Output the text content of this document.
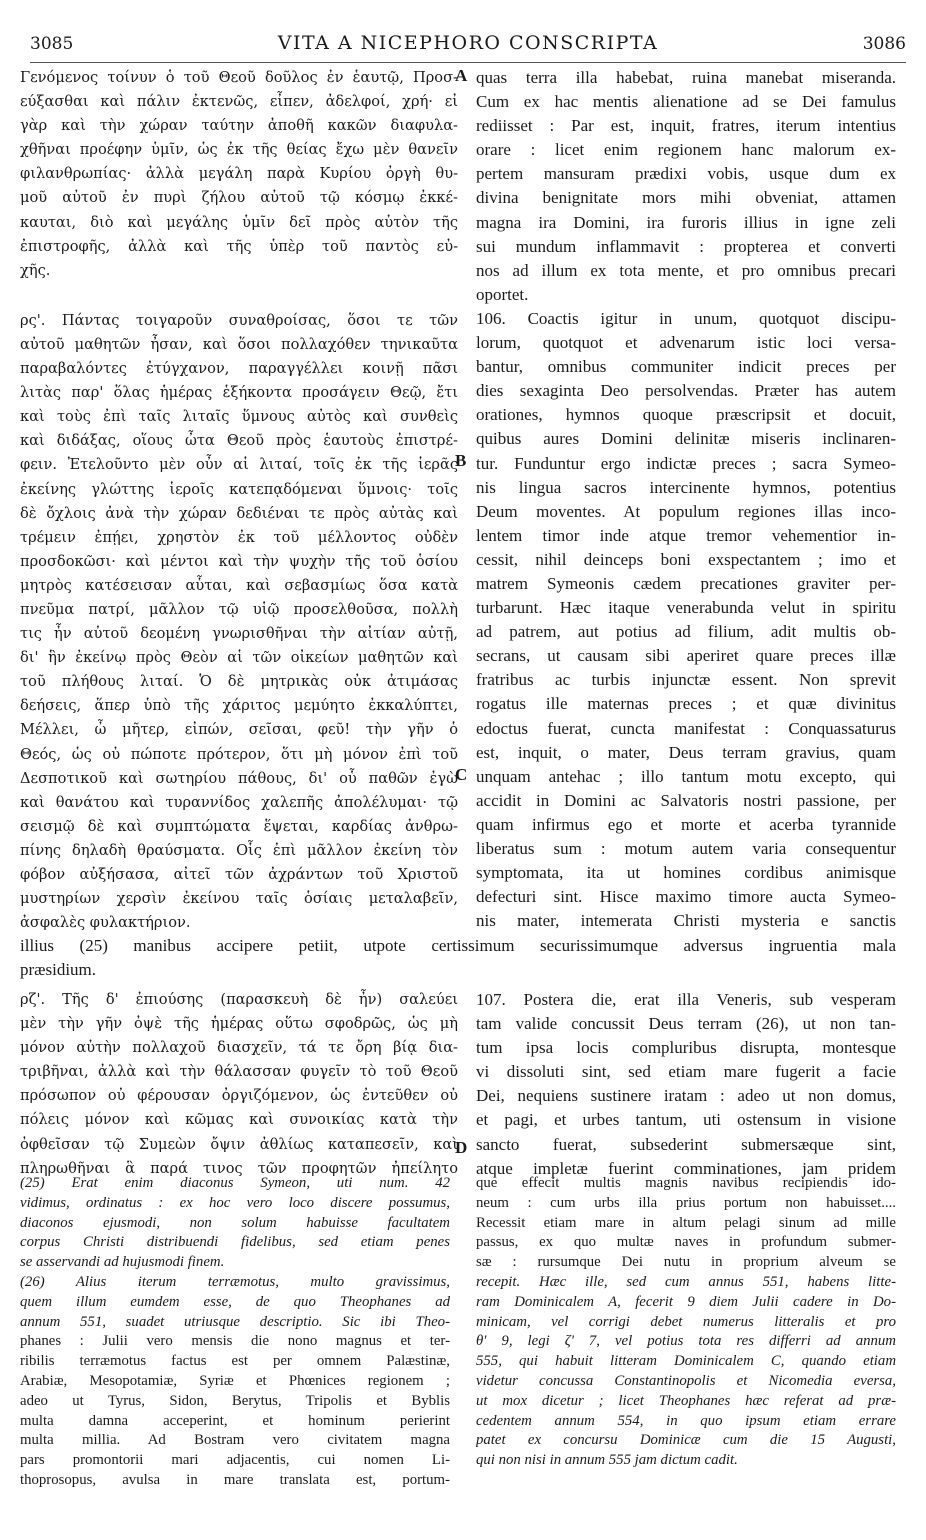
3085	VITA A NICEPHORO CONSCRIPTA	3086
Γενόμενος τοίνυν ὁ τοῦ Θεοῦ δοῦλος ἐν ἑαυτῷ, Προσ-
εύξασθαι καὶ πάλιν ἐκτενῶς, εἶπεν, ἀδελφοί, χρή· εἰ
γὰρ καὶ τὴν χώραν ταύτην ἀποθῆ κακῶν διαφυλα-
χθῆναι προέφην ὑμῖν, ὡς ἐκ τῆς θείας ἔχω μὲν θανεῖν
φιλανθρωπίας· ἀλλὰ μεγάλη παρὰ Κυρίου ὀργὴ θυ-
μοῦ αὐτοῦ ἐν πυρὶ ζήλου αὐτοῦ τῷ κόσμῳ ἐκκέ-
καυται, διὸ καὶ μεγάλης ὑμῖν δεῖ πρὸς αὐτὸν τῆς
ἐπιστροφῆς, ἀλλὰ καὶ τῆς ὑπὲρ τοῦ παντὸς εὐ-
χῆς.
ρς'. Πάντας τοιγαροῦν συναθροίσας, ὅσοι τε τῶν
αὐτοῦ μαθητῶν ἦσαν, καὶ ὅσοι πολλαχόθεν τηνικαῦτα
παραβαλόντες ἐτύγχανον, παραγγέλλει κοινῇ πᾶσι
λιτὰς παρ' ὅλας ἡμέρας ἑξήκοντα προσάγειν Θεῷ, ἔτι
καὶ τοὺς ἐπὶ ταῖς λιταῖς ὕμνους αὐτὸς καὶ συνθεὶς
καὶ διδάξας, οἵους ὦτα Θεοῦ πρὸς ἑαυτοὺς ἐπιστρέ-
φειν. Ἐτελοῦντο μὲν οὖν αἱ λιταί, τοῖς ἐκ τῆς ἱερᾶς
ἐκείνης γλώττης ἱεροῖς κατεπᾳδόμεναι ὕμνοις· τοῖς
δὲ ὄχλοις ἀνὰ τὴν χώραν δεδιέναι τε πρὸς αὐτὰς καὶ
τρέμειν ἐπῄει, χρηστὸν ἐκ τοῦ μέλλοντος οὐδὲν
προσδοκῶσι· καὶ μέντοι καὶ τὴν ψυχὴν τῆς τοῦ ὁσίου
μητρὸς κατέσεισαν αὗται, καὶ σεβασμίως ὅσα κατὰ
πνεῦμα πατρί, μᾶλλον τῷ υἱῷ προσελθοῦσα, πολλὴ
τις ἦν αὐτοῦ δεομένη γνωρισθῆναι τὴν αἰτίαν αὐτῇ,
δι' ἣν ἐκείνῳ πρὸς Θεὸν αἱ τῶν οἰκείων μαθητῶν καὶ
τοῦ πλήθους λιταί. Ὁ δὲ μητρικὰς οὐκ ἀτιμάσας
δεήσεις, ἅπερ ὑπὸ τῆς χάριτος μεμύητο ἐκκαλύπτει,
Μέλλει, ὦ μῆτερ, εἰπών, σεῖσαι, φεῦ! τὴν γῆν ὁ
Θεός, ὡς οὐ πώποτε πρότερον, ὅτι μὴ μόνον ἐπὶ τοῦ
Δεσποτικοῦ καὶ σωτηρίου πάθους, δι' οὗ παθῶν ἐγὼ
καὶ θανάτου καὶ τυραννίδος χαλεπῆς ἀπολέλυμαι· τῷ
σεισμῷ δὲ καὶ συμπτώματα ἕψεται, καρδίας ἀνθρω-
πίνης δηλαδὴ θραύσματα. Οἷς ἐπὶ μᾶλλον ἐκείνη τὸν
φόβον αὐξήσασα, αἰτεῖ τῶν ἀχράντων τοῦ Χριστοῦ
μυστηρίων χερσὶν ἐκείνου ταῖς ὁσίαις μεταλαβεῖν,
ἀσφαλὲς φυλακτήριον.
quas terra illa habebat, ruina manebat miseranda.
Cum ex hac mentis alienatione ad se Dei famulus
rediisset : Par est, inquit, fratres, iterum intentius
orare : licet enim regionem hanc malorum ex-
pertem mansuram prædixi vobis, usque dum ex
divina benignitate mors mihi obveniat, attamen
magna ira Domini, ira furoris illius in igne zeli
sui mundum inflammavit : propterea et converti
nos ad illum ex tota mente, et pro omnibus precari
oportet.
106. Coactis igitur in unum, quotquot discipu-
lorum, quotquot et advenarum istic loci versa-
bantur, omnibus communiter indicit preces per
dies sexaginta Deo persolvendas. Præter has autem
orationes, hymnos quoque præscripsit et docuit,
quibus aures Domini delinitæ miseris inclinaren-
tur. Funduntur ergo indictæ preces ; sacra Symeo-
nis lingua sacros intercinente hymnos, potentius
Deum moventes. At populum regiones illas inco-
lentem timor inde atque tremor vehementior in-
cessit, nihil deinceps boni exspectantem ; imo et
matrem Symeonis cædem precationes graviter per-
turbarunt. Hæc itaque venerabunda velut in spiritu
ad patrem, aut potius ad filium, adit multis ob-
secrans, ut causam sibi aperiret quare preces illæ
fratribus ac turbis injunctæ essent. Non sprevit
rogatus ille maternas preces ; et quæ divinitus
edoctus fuerat, cuncta manifestat : Conquassaturus
est, inquit, o mater, Deus terram gravius, quam
unquam antehac ; illo tantum motu excepto, qui
accidit in Domini ac Salvatoris nostri passione, per
quam infirmus ego et morte et acerba tyrannide
liberatus sum : motum autem varia consequentur
symptomata, ita ut homines cordibus animisque
defecturi sint. Hisce maximo timore aucta Symeo-
nis mater, intemerata Christi mysteria e sanctis
A
B
C
D
illius (25) manibus accipere petiit, utpote certissimum securissimumque adversus ingruentia mala
præsidium.
ρζ'. Τῆς δ' ἐπιούσης (παρασκευὴ δὲ ἦν) σαλεύει
μὲν τὴν γῆν ὀψὲ τῆς ἡμέρας οὕτω σφοδρῶς, ὡς μὴ
μόνον αὐτὴν πολλαχοῦ διασχεῖν, τά τε ὄρη βίᾳ δια-
τριβῆναι, ἀλλὰ καὶ τὴν θάλασσαν φυγεῖν τὸ τοῦ Θεοῦ
πρόσωπον οὐ φέρουσαν ὀργιζόμενον, ὡς ἐντεῦθεν οὐ
πόλεις μόνον καὶ κῶμας καὶ συνοικίας κατὰ τὴν
ὀφθεῖσαν τῷ Συμεὼν ὄψιν ἀθλίως καταπεσεῖν, καὶ
πληρωθῆναι ἃ παρά τινος τῶν προφητῶν ἠπείλητο
107. Postera die, erat illa Veneris, sub vesperam
tam valide concussit Deus terram (26), ut non tan-
tum ipsa locis compluribus disrupta, montesque
vi dissoluti sint, sed etiam mare fugerit a facie
Dei, nequiens sustinere iratam : adeo ut non domus,
et pagi, et urbes tantum, uti ostensum in visione
sancto fuerat, subsederint submersæque sint,
atque impletæ fuerint comminationes, jam pridem
(25) Erat enim diaconus Symeon, uti num. 42
vidimus, ordinatus : ex hoc vero loco discere possumus,
diaconos ejusmodi, non solum habuisse facultatem
corpus Christi distribuendi fidelibus, sed etiam penes
se asservandi ad hujusmodi finem.
(26) Alius iterum terræmotus, multo gravissimus,
quem illum eumdem esse, de quo Theophanes ad
annum 551, suadet utriusque descriptio. Sic ibi Theo-
phanes : Julii vero mensis die nono magnus et ter-
ribilis terræmotus factus est per omnem Palæstinæ,
Arabiæ, Mesopotamiæ, Syriæ et Phœnices regionem ;
adeo ut Tyrus, Sidon, Berytus, Tripolis et Byblis
multa damna acceperint, et hominum perierint
multa millia. Ad Bostram vero civitatem magna
pars promontorii mari adjacentis, cui nomen Li-
thoprosopus, avulsa in mare translata est, portum-
que effecit multis magnis navibus recipiendis ido-
neum : cum urbs illa prius portum non habuisset....
Recessit etiam mare in altum pelagi sinum ad mille
passus, ex quo multæ naves in profundum submer-
sæ : rursumque Dei nutu in proprium alveum se
recepit. Hæc ille, sed cum annus 551, habens litte-
ram Dominicalem A, fecerit 9 diem Julii cadere in Do-
minicam, vel corrigi debet numerus litteralis et pro
θ' 9, legi ζ' 7, vel potius tota res differri ad annum
555, qui habuit litteram Dominicalem C, quando etiam
videtur concussa Constantinopolis et Nicomedia eversa,
ut mox dicetur ; licet Theophanes hæc referat ad præ-
cedentem annum 554, in quo ipsum etiam errare
patet ex concursu Dominicæ cum die 15 Augusti,
qui non nisi in annum 555 jam dictum cadit.
